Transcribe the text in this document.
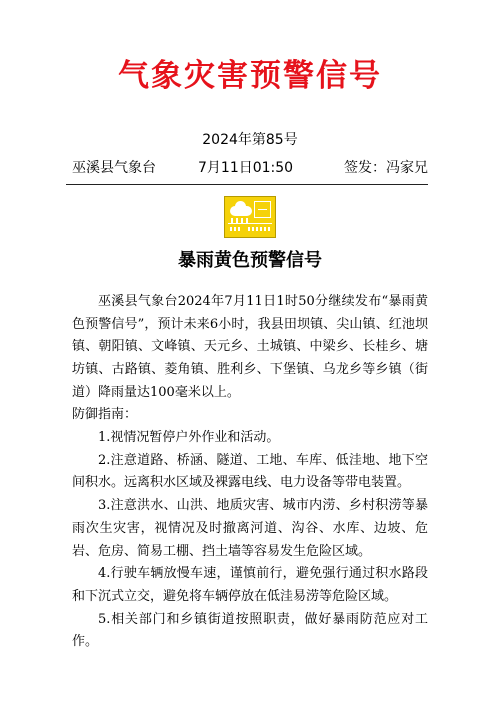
气象灾害预警信号
2024年第85号
巫溪县气象台	7月11日01:50	签发：冯家兄
暴雨黄色预警信号

巫溪县气象台2024年7月11日1时50分继续发布“暴雨黄色预警信号”，预计未来6小时，我县田坝镇、尖山镇、红池坝镇、朝阳镇、文峰镇、天元乡、土城镇、中梁乡、长桂乡、塘坊镇、古路镇、菱角镇、胜利乡、下堡镇、乌龙乡等乡镇（街道）降雨量达100毫米以上。

防御指南：

1.视情况暂停户外作业和活动。
2.注意道路、桥涵、隧道、工地、车库、低洼地、地下空间积水。远离积水区域及裸露电线、电力设备等带电装置。
3.注意洪水、山洪、地质灾害、城市内涝、乡村积涝等暴雨次生灾害，视情况及时撤离河道、沟谷、水库、边坡、危岩、危房、简易工棚、挡土墙等容易发生危险区域。
4.行驶车辆放慢车速，谨慎前行，避免强行通过积水路段和下沉式立交，避免将车辆停放在低洼易涝等危险区域。
5.相关部门和乡镇街道按照职责，做好暴雨防范应对工作。
